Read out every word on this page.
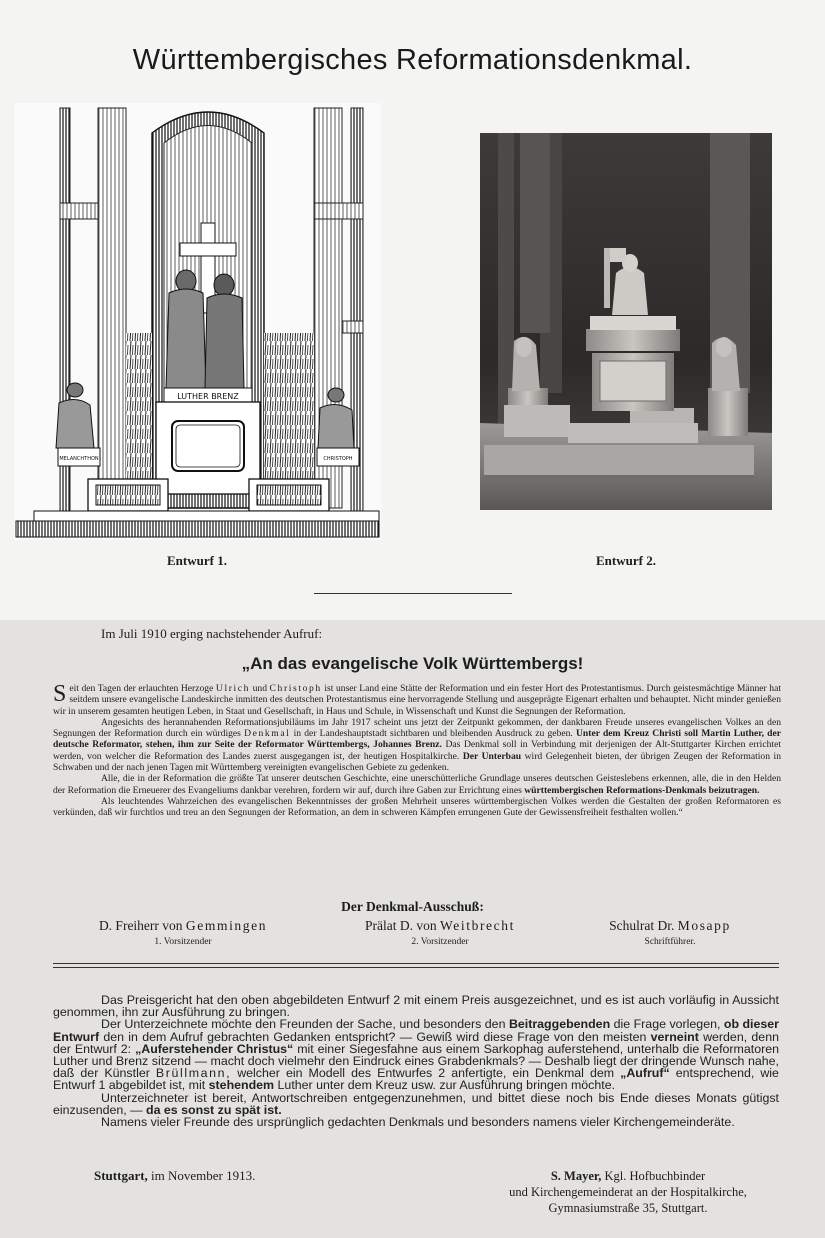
Württembergisches Reformationsdenkmal.
LUTHER BRENZ
MELANCHTHON	CHRISTOPH
Entwurf 1.	Entwurf 2.
Im Juli 1910 erging nachstehender Aufruf:
„An das evangelische Volk Württembergs!

Seit den Tagen der erlauchten Herzoge Ulrich und Christoph ist unser Land eine Stätte der Reformation und ein fester Hort des Protestantismus. Durch geistesmächtige Männer hat seitdem unsere evangelische Landeskirche inmitten des deutschen Protestantismus eine hervorragende Stellung und ausgeprägte Eigenart erhalten und behauptet. Nicht minder genießen wir in unserem gesamten heutigen Leben, in Staat und Gesellschaft, in Haus und Schule, in Wissenschaft und Kunst die Segnungen der Reformation.

Angesichts des herannahenden Reformationsjubiläums im Jahr 1917 scheint uns jetzt der Zeitpunkt gekommen, der dankbaren Freude unseres evangelischen Volkes an den Segnungen der Reformation durch ein würdiges Denkmal in der Landeshauptstadt sichtbaren und bleibenden Ausdruck zu geben. Unter dem Kreuz Christi soll Martin Luther, der deutsche Reformator, stehen, ihm zur Seite der Reformator Württembergs, Johannes Brenz. Das Denkmal soll in Verbindung mit derjenigen der Alt-Stuttgarter Kirchen errichtet werden, von welcher die Reformation des Landes zuerst ausgegangen ist, der heutigen Hospitalkirche. Der Unterbau wird Gelegenheit bieten, der übrigen Zeugen der Reformation in Schwaben und der nach jenen Tagen mit Württemberg vereinigten evangelischen Gebiete zu gedenken.

Alle, die in der Reformation die größte Tat unserer deutschen Geschichte, eine unerschütterliche Grundlage unseres deutschen Geisteslebens erkennen, alle, die in den Helden der Reformation die Erneuerer des Evangeliums dankbar verehren, fordern wir auf, durch ihre Gaben zur Errichtung eines württembergischen Reformations-Denkmals beizutragen.

Als leuchtendes Wahrzeichen des evangelischen Bekenntnisses der großen Mehrheit unseres württembergischen Volkes werden die Gestalten der großen Reformatoren es verkünden, daß wir furchtlos und treu an den Segnungen der Reformation, an dem in schweren Kämpfen errungenen Gute der Gewissensfreiheit festhalten wollen.“

Der Denkmal-Ausschuß:
D. Freiherr von Gemmingen
1. Vorsitzender
Prälat D. von Weitbrecht
2. Vorsitzender
Schulrat Dr. Mosapp
Schriftführer.

Das Preisgericht hat den oben abgebildeten Entwurf 2 mit einem Preis ausgezeichnet, und es ist auch vorläufig in Aussicht genommen, ihn zur Ausführung zu bringen.

Der Unterzeichnete möchte den Freunden der Sache, und besonders den Beitraggebenden die Frage vorlegen, ob dieser Entwurf den in dem Aufruf gebrachten Gedanken entspricht? — Gewiß wird diese Frage von den meisten verneint werden, denn der Entwurf 2: „Auferstehender Christus“ mit einer Siegesfahne aus einem Sarkophag auferstehend, unterhalb die Reformatoren Luther und Brenz sitzend — macht doch vielmehr den Eindruck eines Grabdenkmals? — Deshalb liegt der dringende Wunsch nahe, daß der Künstler Brüllmann, welcher ein Modell des Entwurfes 2 anfertigte, ein Denkmal dem „Aufruf“ entsprechend, wie Entwurf 1 abgebildet ist, mit stehendem Luther unter dem Kreuz usw. zur Ausführung bringen möchte.

Unterzeichneter ist bereit, Antwortschreiben entgegenzunehmen, und bittet diese noch bis Ende dieses Monats gütigst einzusenden, — da es sonst zu spät ist.

Namens vieler Freunde des ursprünglich gedachten Denkmals und besonders namens vieler Kirchengemeinderäte.

Stuttgart, im November 1913.	S. Mayer, Kgl. Hofbuchbinder
und Kirchengemeinderat an der Hospitalkirche,
Gymnasiumstraße 35, Stuttgart.
